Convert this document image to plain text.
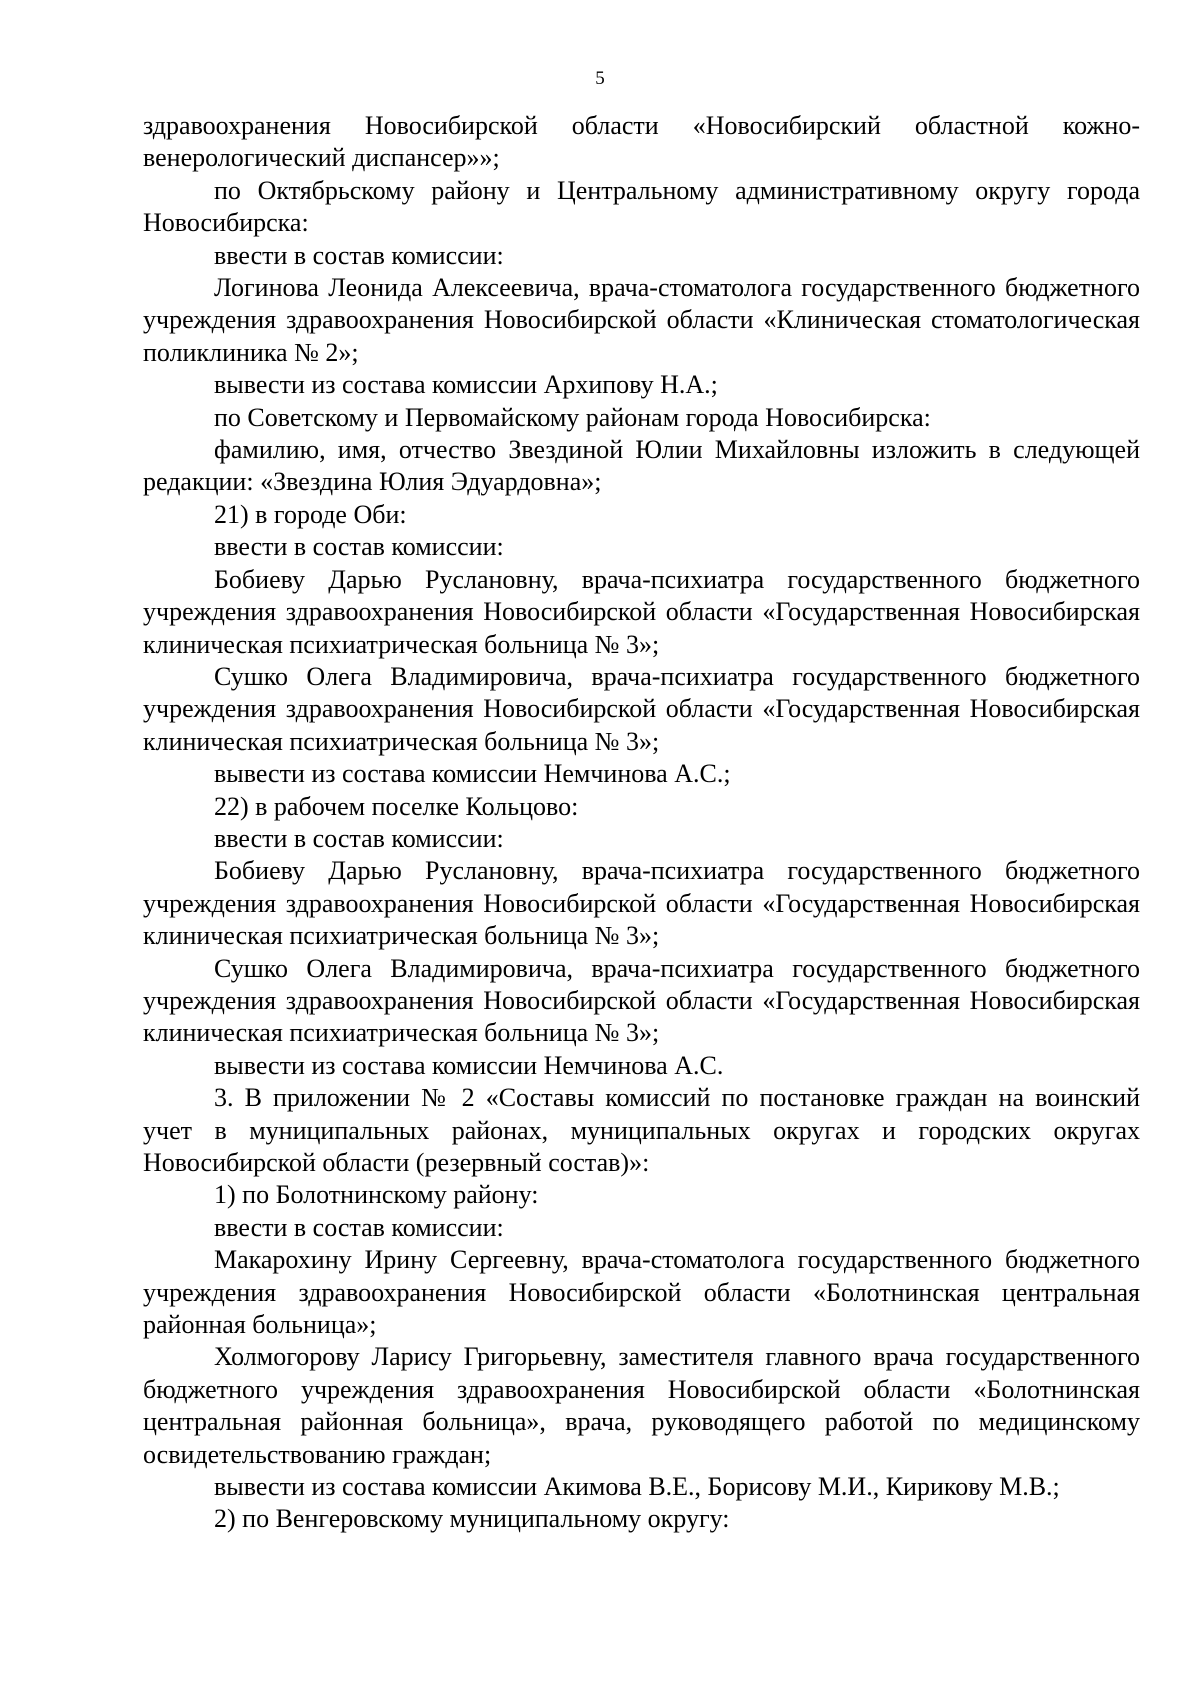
5

здравоохранения Новосибирской области «Новосибирский областной кожно-венерологический диспансер»»;

по Октябрьскому району и Центральному административному округу города Новосибирска:

ввести в состав комиссии:

Логинова Леонида Алексеевича, врача-стоматолога государственного бюджетного учреждения здравоохранения Новосибирской области «Клиническая стоматологическая поликлиника № 2»;

вывести из состава комиссии Архипову Н.А.;

по Советскому и Первомайскому районам города Новосибирска:

фамилию, имя, отчество Звездиной Юлии Михайловны изложить в следующей редакции: «Звездина Юлия Эдуардовна»;

21) в городе Оби:

ввести в состав комиссии:

Бобиеву Дарью Руслановну, врача-психиатра государственного бюджетного учреждения здравоохранения Новосибирской области «Государственная Новосибирская клиническая психиатрическая больница № 3»;

Сушко Олега Владимировича, врача-психиатра государственного бюджетного учреждения здравоохранения Новосибирской области «Государственная Новосибирская клиническая психиатрическая больница № 3»;

вывести из состава комиссии Немчинова А.С.;

22) в рабочем поселке Кольцово:

ввести в состав комиссии:

Бобиеву Дарью Руслановну, врача-психиатра государственного бюджетного учреждения здравоохранения Новосибирской области «Государственная Новосибирская клиническая психиатрическая больница № 3»;

Сушко Олега Владимировича, врача-психиатра государственного бюджетного учреждения здравоохранения Новосибирской области «Государственная Новосибирская клиническая психиатрическая больница № 3»;

вывести из состава комиссии Немчинова А.С.

3. В приложении № 2 «Составы комиссий по постановке граждан на воинский учет в муниципальных районах, муниципальных округах и городских округах Новосибирской области (резервный состав)»:

1) по Болотнинскому району:

ввести в состав комиссии:

Макарохину Ирину Сергеевну, врача-стоматолога государственного бюджетного учреждения здравоохранения Новосибирской области «Болотнинская центральная районная больница»;

Холмогорову Ларису Григорьевну, заместителя главного врача государственного бюджетного учреждения здравоохранения Новосибирской области «Болотнинская центральная районная больница», врача, руководящего работой по медицинскому освидетельствованию граждан;

вывести из состава комиссии Акимова В.Е., Борисову М.И., Кирикову М.В.;

2) по Венгеровскому муниципальному округу:
